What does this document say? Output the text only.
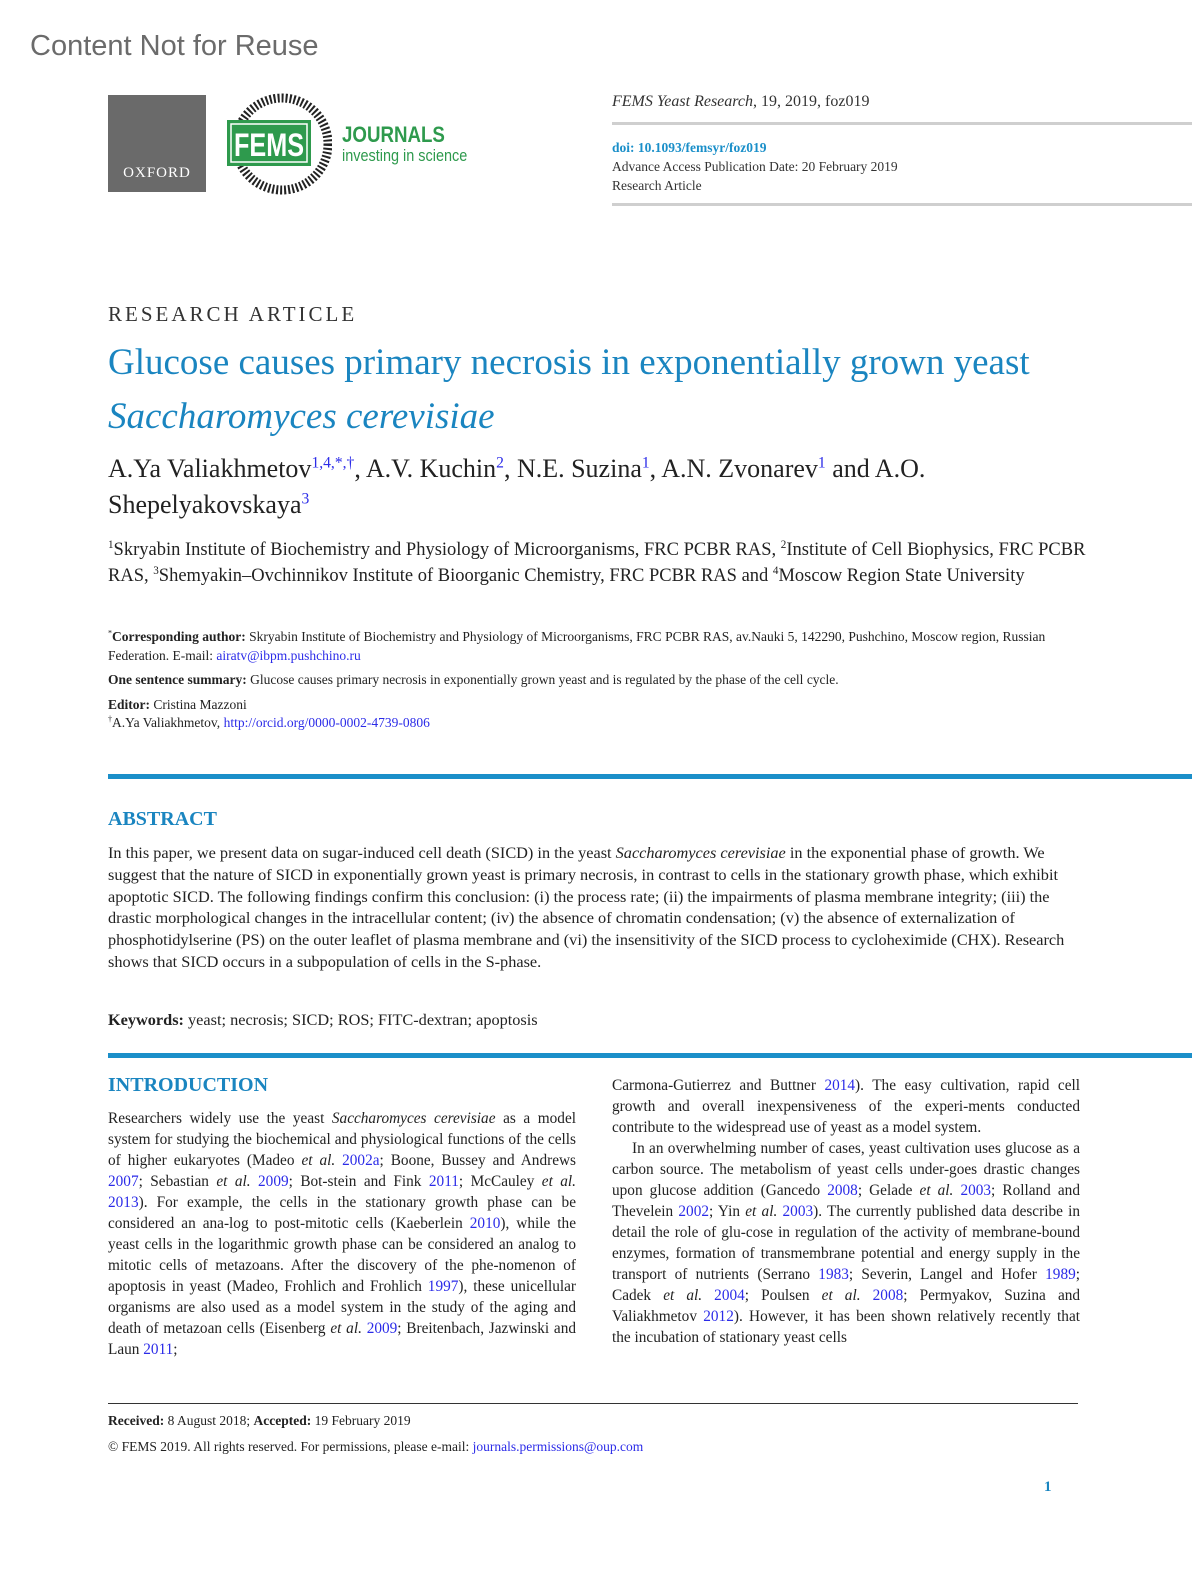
Content Not for Reuse
OXFORD
FEMS JOURNALS
investing in science
FEMS Yeast Research, 19, 2019, foz019
doi: 10.1093/femsyr/foz019
Advance Access Publication Date: 20 February 2019
Research Article
RESEARCH ARTICLE
Glucose causes primary necrosis in exponentially grown yeast Saccharomyces cerevisiae
A.Ya Valiakhmetov$^{1,4,*,\dagger}$, A.V. Kuchin$^2$, N.E. Suzina$^1$, A.N. Zvonarev$^1$ and A.O. Shepelyakovskaya$^3$
$^1$Skryabin Institute of Biochemistry and Physiology of Microorganisms, FRC PCBR RAS, $^2$Institute of Cell Biophysics, FRC PCBR RAS, $^3$Shemyakin–Ovchinnikov Institute of Bioorganic Chemistry, FRC PCBR RAS and $^4$Moscow Region State University
*Corresponding author: Skryabin Institute of Biochemistry and Physiology of Microorganisms, FRC PCBR RAS, av.Nauki 5, 142290, Pushchino, Moscow region, Russian Federation. E-mail: airatv@ibpm.pushchino.ru
One sentence summary: Glucose causes primary necrosis in exponentially grown yeast and is regulated by the phase of the cell cycle.
Editor: Cristina Mazzoni
†A.Ya Valiakhmetov, http://orcid.org/0000-0002-4739-0806
ABSTRACT
In this paper, we present data on sugar-induced cell death (SICD) in the yeast Saccharomyces cerevisiae in the exponential phase of growth. We suggest that the nature of SICD in exponentially grown yeast is primary necrosis, in contrast to cells in the stationary growth phase, which exhibit apoptotic SICD. The following findings confirm this conclusion: (i) the process rate; (ii) the impairments of plasma membrane integrity; (iii) the drastic morphological changes in the intracellular content; (iv) the absence of chromatin condensation; (v) the absence of externalization of phosphotidylserine (PS) on the outer leaflet of plasma membrane and (vi) the insensitivity of the SICD process to cycloheximide (CHX). Research shows that SICD occurs in a subpopulation of cells in the S-phase.
Keywords: yeast; necrosis; SICD; ROS; FITC-dextran; apoptosis
INTRODUCTION

Researchers widely use the yeast Saccharomyces cerevisiae as a model system for studying the biochemical and physiological functions of the cells of higher eukaryotes (Madeo et al. 2002a; Boone, Bussey and Andrews 2007; Sebastian et al. 2009; Bot-stein and Fink 2011; McCauley et al. 2013). For example, the cells in the stationary growth phase can be considered an ana-log to post-mitotic cells (Kaeberlein 2010), while the yeast cells in the logarithmic growth phase can be considered an analog to mitotic cells of metazoans. After the discovery of the phe-nomenon of apoptosis in yeast (Madeo, Frohlich and Frohlich 1997), these unicellular organisms are also used as a model system in the study of the aging and death of metazoan cells (Eisenberg et al. 2009; Breitenbach, Jazwinski and Laun 2011;

Carmona-Gutierrez and Buttner 2014). The easy cultivation, rapid cell growth and overall inexpensiveness of the experi-ments conducted contribute to the widespread use of yeast as a model system.

In an overwhelming number of cases, yeast cultivation uses glucose as a carbon source. The metabolism of yeast cells under-goes drastic changes upon glucose addition (Gancedo 2008; Gelade et al. 2003; Rolland and Thevelein 2002; Yin et al. 2003). The currently published data describe in detail the role of glu-cose in regulation of the activity of membrane-bound enzymes, formation of transmembrane potential and energy supply in the transport of nutrients (Serrano 1983; Severin, Langel and Hofer 1989; Cadek et al. 2004; Poulsen et al. 2008; Permyakov, Suzina and Valiakhmetov 2012). However, it has been shown relatively recently that the incubation of stationary yeast cells

Received: 8 August 2018; Accepted: 19 February 2019
© FEMS 2019. All rights reserved. For permissions, please e-mail: journals.permissions@oup.com
1
